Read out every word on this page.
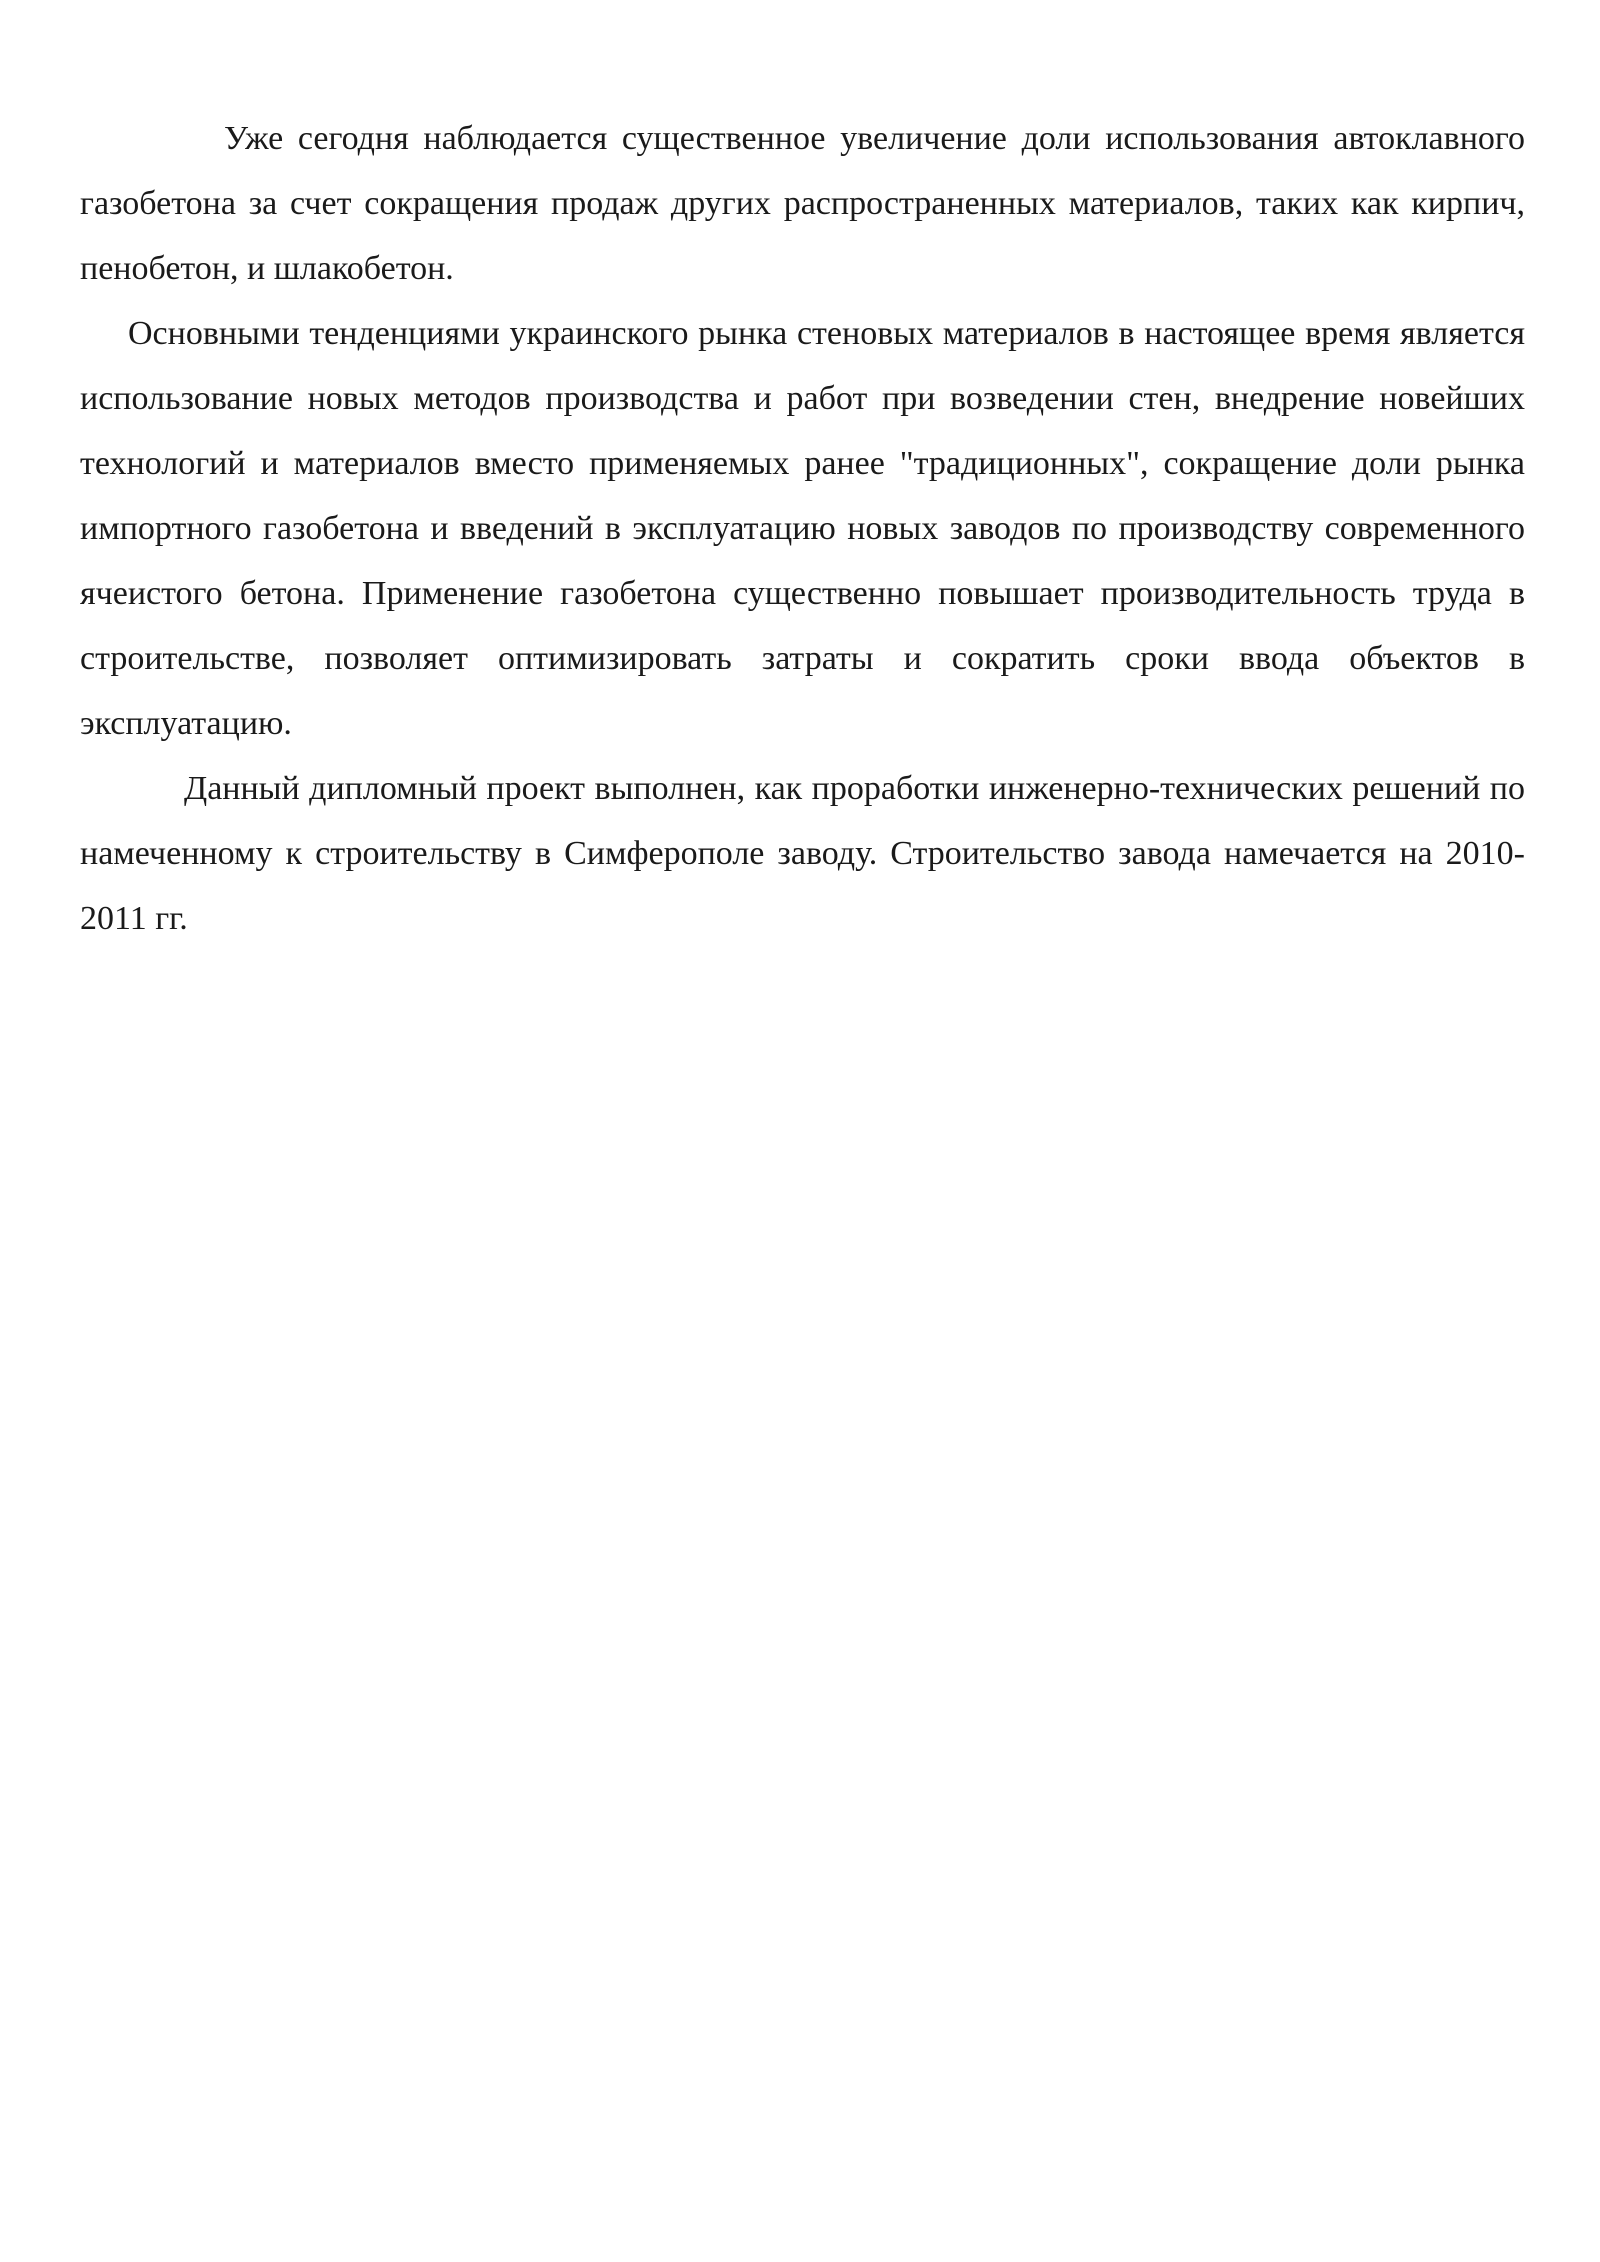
Уже сегодня наблюдается существенное увеличение доли использования автоклавного газобетона за счет сокращения продаж других распространенных материалов, таких как кирпич, пенобетон, и шлакобетон.

Основными тенденциями украинского рынка стеновых материалов в настоящее время является использование новых методов производства и работ при возведении стен, внедрение новейших технологий и материалов вместо применяемых ранее "традиционных", сокращение доли рынка импортного газобетона и введений в эксплуатацию новых заводов по производству современного ячеистого бетона. Применение газобетона существенно повышает производительность труда в строительстве, позволяет оптимизировать затраты и сократить сроки ввода объектов в эксплуатацию.

Данный дипломный проект выполнен, как проработки инженерно-технических решений по намеченному к строительству в Симферополе заводу. Строительство завода намечается на 2010-2011 гг.
